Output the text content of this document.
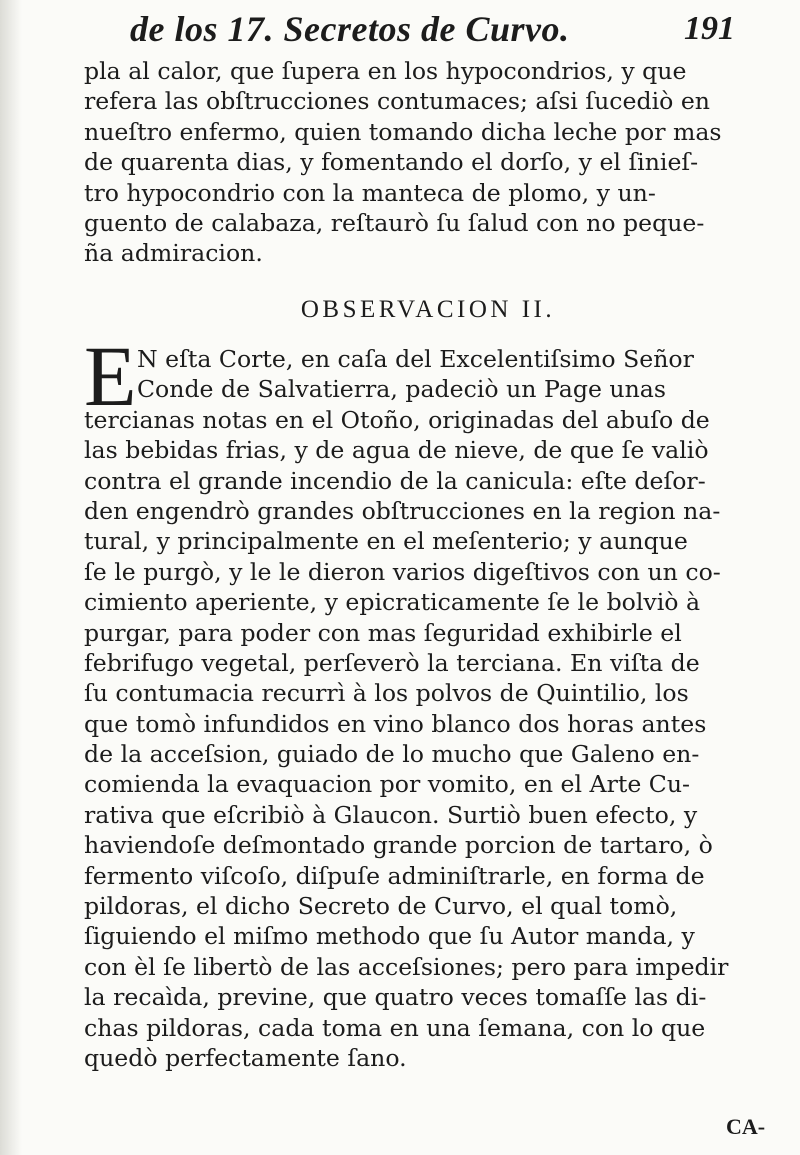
de los 17. Secretos de Curvo.	191
pla al calor, que ſupera en los hypocondrios, y que
refera las obſtrucciones contumaces; aſsi ſucediò en
nueſtro enfermo, quien tomando dicha leche por mas
de quarenta dias, y fomentando el dorſo, y el ſinieſ-
tro hypocondrio con la manteca de plomo, y un-
guento de calabaza, reſtaurò ſu ſalud con no peque-
ña admiracion.
OBSERVACION II.
E N eſta Corte, en caſa del Excelentiſsimo Señor
Conde de Salvatierra, padeciò un Page unas
tercianas notas en el Otoño, originadas del abuſo de
las bebidas frias, y de agua de nieve, de que ſe valiò
contra el grande incendio de la canicula: eſte deſor-
den engendrò grandes obſtrucciones en la region na-
tural, y principalmente en el meſenterio; y aunque
ſe le purgò, y le le dieron varios digeſtivos con un co-
cimiento aperiente, y epicraticamente ſe le bolviò à
purgar, para poder con mas ſeguridad exhibirle el
febrifugo vegetal, perſeverò la terciana. En viſta de
ſu contumacia recurrì à los polvos de Quintilio, los
que tomò infundidos en vino blanco dos horas antes
de la acceſsion, guiado de lo mucho que Galeno en-
comienda la evaquacion por vomito, en el Arte Cu-
rativa que eſcribiò à Glaucon. Surtiò buen efecto, y
haviendoſe deſmontado grande porcion de tartaro, ò
fermento viſcoſo, diſpuſe adminiſtrarle, en forma de
pildoras, el dicho Secreto de Curvo, el qual tomò,
ſiguiendo el miſmo methodo que ſu Autor manda, y
con èl ſe libertò de las acceſsiones; pero para impedir
la recaìda, previne, que quatro veces tomaſſe las di-
chas pildoras, cada toma en una ſemana, con lo que
quedò perfectamente ſano.
CA-
